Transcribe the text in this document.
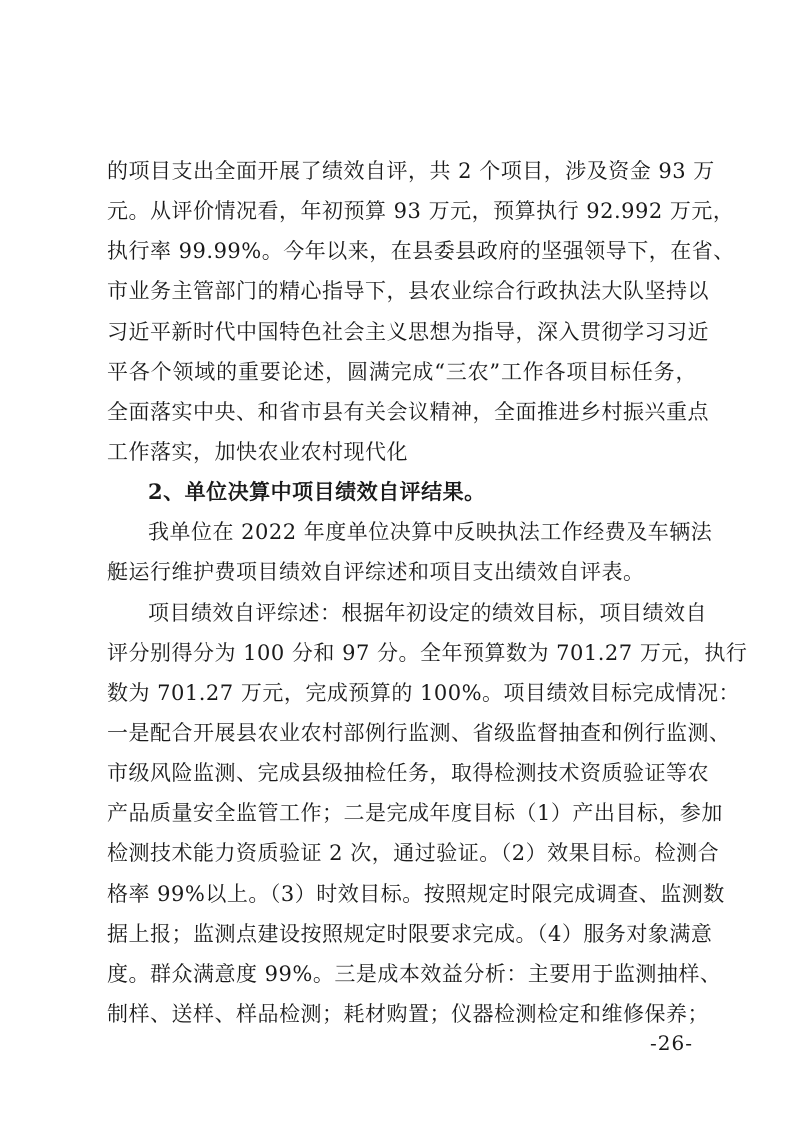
的项目支出全面开展了绩效自评，共 2 个项目，涉及资金 93 万
元。从评价情况看，年初预算 93 万元，预算执行 92.992 万元，
执行率 99.99%。今年以来，在县委县政府的坚强领导下，在省、
市业务主管部门的精心指导下，县农业综合行政执法大队坚持以
习近平新时代中国特色社会主义思想为指导，深入贯彻学习习近
平各个领域的重要论述，圆满完成“三农”工作各项目标任务，
全面落实中央、和省市县有关会议精神，全面推进乡村振兴重点
工作落实，加快农业农村现代化
2、单位决算中项目绩效自评结果。
我单位在 2022 年度单位决算中反映执法工作经费及车辆法
艇运行维护费项目绩效自评综述和项目支出绩效自评表。
项目绩效自评综述：根据年初设定的绩效目标，项目绩效自
评分别得分为 100 分和 97 分。全年预算数为 701.27 万元，执行
数为 701.27 万元，完成预算的 100%。项目绩效目标完成情况：
一是配合开展县农业农村部例行监测、省级监督抽查和例行监测、
市级风险监测、完成县级抽检任务，取得检测技术资质验证等农
产品质量安全监管工作；二是完成年度目标（1）产出目标，参加
检测技术能力资质验证 2 次，通过验证。（2）效果目标。检测合
格率 99%以上。（3）时效目标。按照规定时限完成调查、监测数
据上报；监测点建设按照规定时限要求完成。（4）服务对象满意
度。群众满意度 99%。三是成本效益分析：主要用于监测抽样、
-26-
制样、送样、样品检测；耗材购置；仪器检测检定和维修保养；
